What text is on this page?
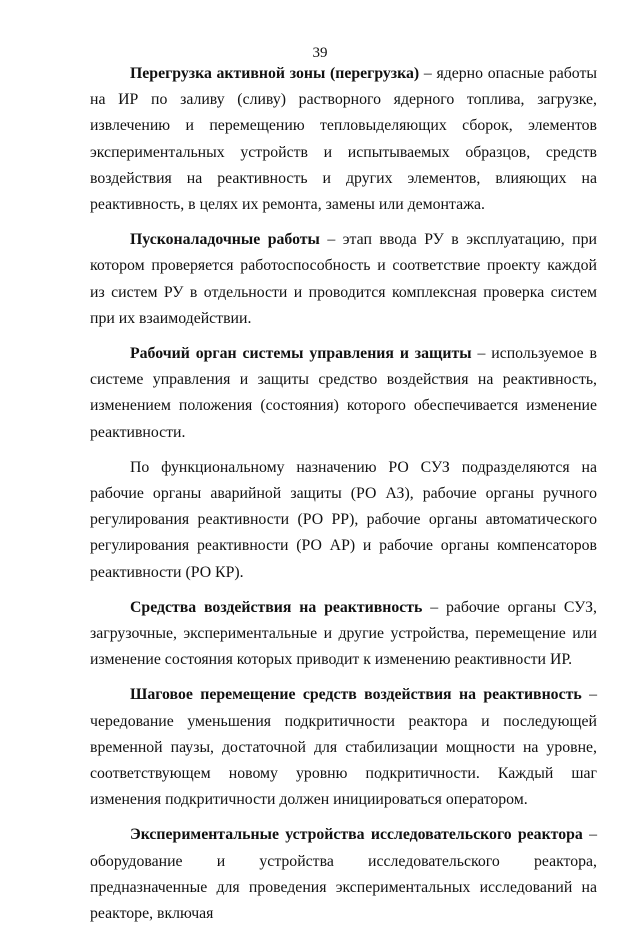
39

Перегрузка активной зоны (перегрузка) – ядерно опасные работы на ИР по заливу (сливу) растворного ядерного топлива, загрузке, извлечению и перемещению тепловыделяющих сборок, элементов экспериментальных устройств и испытываемых образцов, средств воздействия на реактивность и других элементов, влияющих на реактивность, в целях их ремонта, замены или демонтажа.

Пусконаладочные работы – этап ввода РУ в эксплуатацию, при котором проверяется работоспособность и соответствие проекту каждой из систем РУ в отдельности и проводится комплексная проверка систем при их взаимодействии.

Рабочий орган системы управления и защиты – используемое в системе управления и защиты средство воздействия на реактивность, изменением положения (состояния) которого обеспечивается изменение реактивности.

По функциональному назначению РО СУЗ подразделяются на рабочие органы аварийной защиты (РО АЗ), рабочие органы ручного регулирования реактивности (РО РР), рабочие органы автоматического регулирования реактивности (РО АР) и рабочие органы компенсаторов реактивности (РО КР).

Средства воздействия на реактивность – рабочие органы СУЗ, загрузочные, экспериментальные и другие устройства, перемещение или изменение состояния которых приводит к изменению реактивности ИР.

Шаговое перемещение средств воздействия на реактивность – чередование уменьшения подкритичности реактора и последующей временной паузы, достаточной для стабилизации мощности на уровне, соответствующем новому уровню подкритичности. Каждый шаг изменения подкритичности должен инициироваться оператором.

Экспериментальные устройства исследовательского реактора – оборудование и устройства исследовательского реактора, предназначенные для проведения экспериментальных исследований на реакторе, включая
